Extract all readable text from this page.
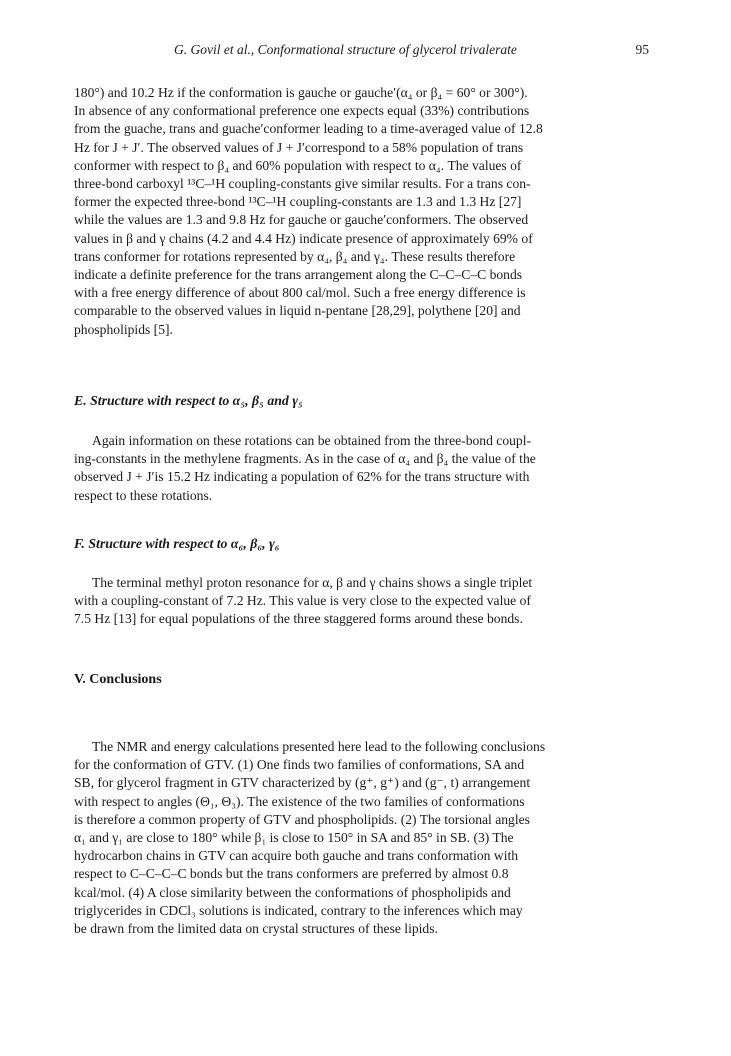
G. Govil et al., Conformational structure of glycerol trivalerate	95

180°) and 10.2 Hz if the conformation is gauche or gauche′(α₄ or β₄ = 60° or 300°).
In absence of any conformational preference one expects equal (33%) contributions
from the guache, trans and guache′conformer leading to a time-averaged value of 12.8
Hz for J + J′. The observed values of J + J′correspond to a 58% population of trans
conformer with respect to β₄ and 60% population with respect to α₄. The values of
three-bond carboxyl ¹³C–¹H coupling-constants give similar results. For a trans con-
former the expected three-bond ¹³C–¹H coupling-constants are 1.3 and 1.3 Hz [27]
while the values are 1.3 and 9.8 Hz for gauche or gauche′conformers. The observed
values in β and γ chains (4.2 and 4.4 Hz) indicate presence of approximately 69% of
trans conformer for rotations represented by α₄, β₄ and γ₄. These results therefore
indicate a definite preference for the trans arrangement along the C–C–C–C bonds
with a free energy difference of about 800 cal/mol. Such a free energy difference is
comparable to the observed values in liquid n-pentane [28,29], polythene [20] and
phospholipids [5].

E. Structure with respect to α₅, β₅ and γ₅

Again information on these rotations can be obtained from the three-bond coupl-
ing-constants in the methylene fragments. As in the case of α₄ and β₄ the value of the
observed J + J′is 15.2 Hz indicating a population of 62% for the trans structure with
respect to these rotations.

F. Structure with respect to α₆, β₆, γ₆

The terminal methyl proton resonance for α, β and γ chains shows a single triplet
with a coupling-constant of 7.2 Hz. This value is very close to the expected value of
7.5 Hz [13] for equal populations of the three staggered forms around these bonds.

V. Conclusions

The NMR and energy calculations presented here lead to the following conclusions
for the conformation of GTV. (1) One finds two families of conformations, SA and
SB, for glycerol fragment in GTV characterized by (g⁺, g⁺) and (g⁻, t) arrangement
with respect to angles (Θ₁, Θ₃). The existence of the two families of conformations
is therefore a common property of GTV and phospholipids. (2) The torsional angles
α₁ and γ₁ are close to 180° while β₁ is close to 150° in SA and 85° in SB. (3) The
hydrocarbon chains in GTV can acquire both gauche and trans conformation with
respect to C–C–C–C bonds but the trans conformers are preferred by almost 0.8
kcal/mol. (4) A close similarity between the conformations of phospholipids and
triglycerides in CDCl₃ solutions is indicated, contrary to the inferences which may
be drawn from the limited data on crystal structures of these lipids.
